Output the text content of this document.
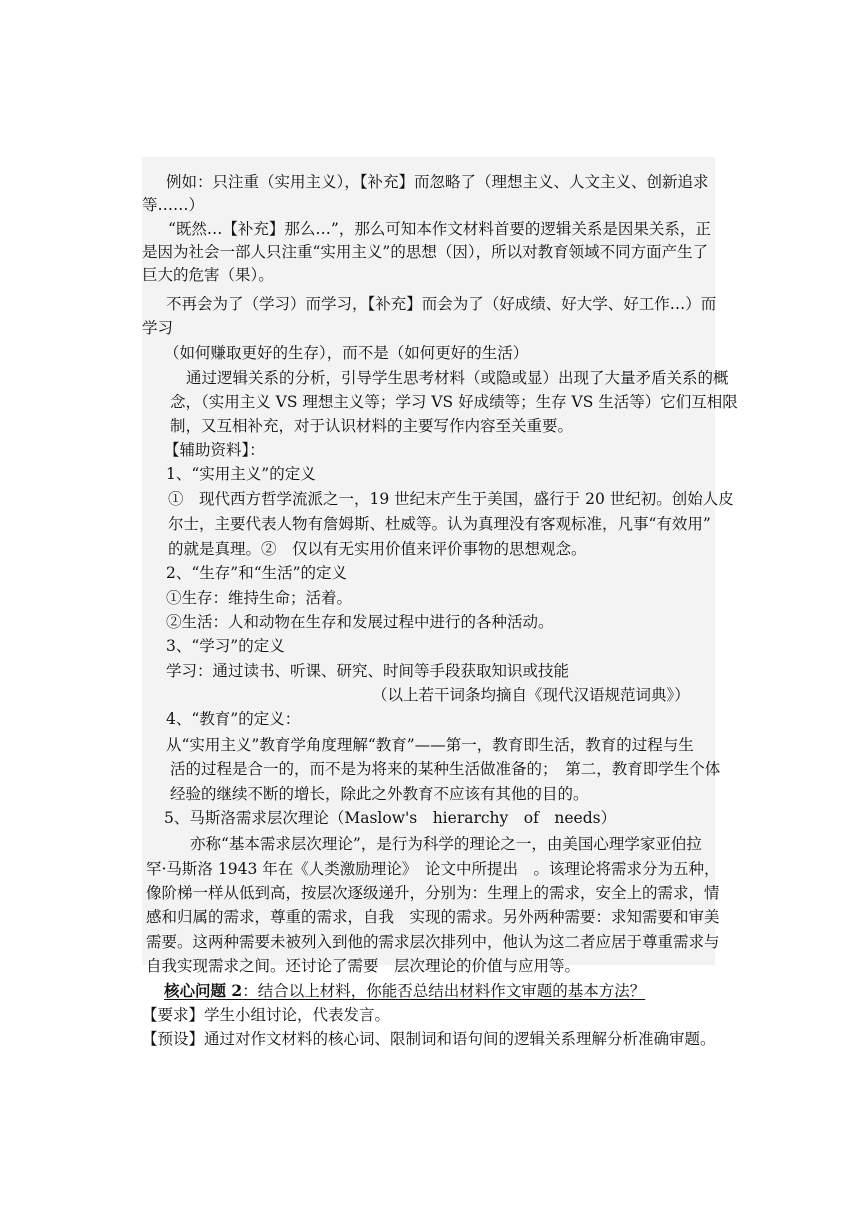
例如：只注重（实用主义），【补充】而忽略了（理想主义、人文主义、创新追求
等……）
“既然…【补充】那么…”，那么可知本作文材料首要的逻辑关系是因果关系，正
是因为社会一部人只注重“实用主义”的思想（因），所以对教育领域不同方面产生了
巨大的危害（果）。
不再会为了（学习）而学习，【补充】而会为了（好成绩、好大学、好工作…）而
学习
（如何赚取更好的生存），而不是（如何更好的生活）
通过逻辑关系的分析，引导学生思考材料（或隐或显）出现了大量矛盾关系的概
念，（实用主义 VS 理想主义等；学习 VS 好成绩等；生存 VS 生活等）它们互相限
制，又互相补充，对于认识材料的主要写作内容至关重要。
【辅助资料】：
1、“实用主义”的定义
①　现代西方哲学流派之一，19 世纪末产生于美国，盛行于 20 世纪初。创始人皮
尔士，主要代表人物有詹姆斯、杜威等。认为真理没有客观标准，凡事“有效用”
的就是真理。②　仅以有无实用价值来评价事物的思想观念。
2、“生存”和“生活”的定义
①生存：维持生命；活着。
②生活：人和动物在生存和发展过程中进行的各种活动。
3、“学习”的定义
学习：通过读书、听课、研究、时间等手段获取知识或技能
（以上若干词条均摘自《现代汉语规范词典》）
4、“教育”的定义：
从“实用主义”教育学角度理解“教育”——第一，教育即生活，教育的过程与生
活的过程是合一的，而不是为将来的某种生活做准备的；　第二，教育即学生个体
经验的继续不断的增长，除此之外教育不应该有其他的目的。
5、马斯洛需求层次理论（Maslow's　hierarchy　of　needs）
亦称“基本需求层次理论”，是行为科学的理论之一，由美国心理学家亚伯拉
罕·马斯洛 1943 年在《人类激励理论》　论文中所提出　。该理论将需求分为五种，
像阶梯一样从低到高，按层次逐级递升，分别为：生理上的需求，安全上的需求，情
感和归属的需求，尊重的需求，自我　实现的需求。另外两种需要：求知需要和审美
需要。这两种需要未被列入到他的需求层次排列中，他认为这二者应居于尊重需求与
自我实现需求之间。还讨论了需要　层次理论的价值与应用等。
核心问题 2：结合以上材料，你能否总结出材料作文审题的基本方法？
【要求】学生小组讨论，代表发言。
【预设】通过对作文材料的核心词、限制词和语句间的逻辑关系理解分析准确审题。
